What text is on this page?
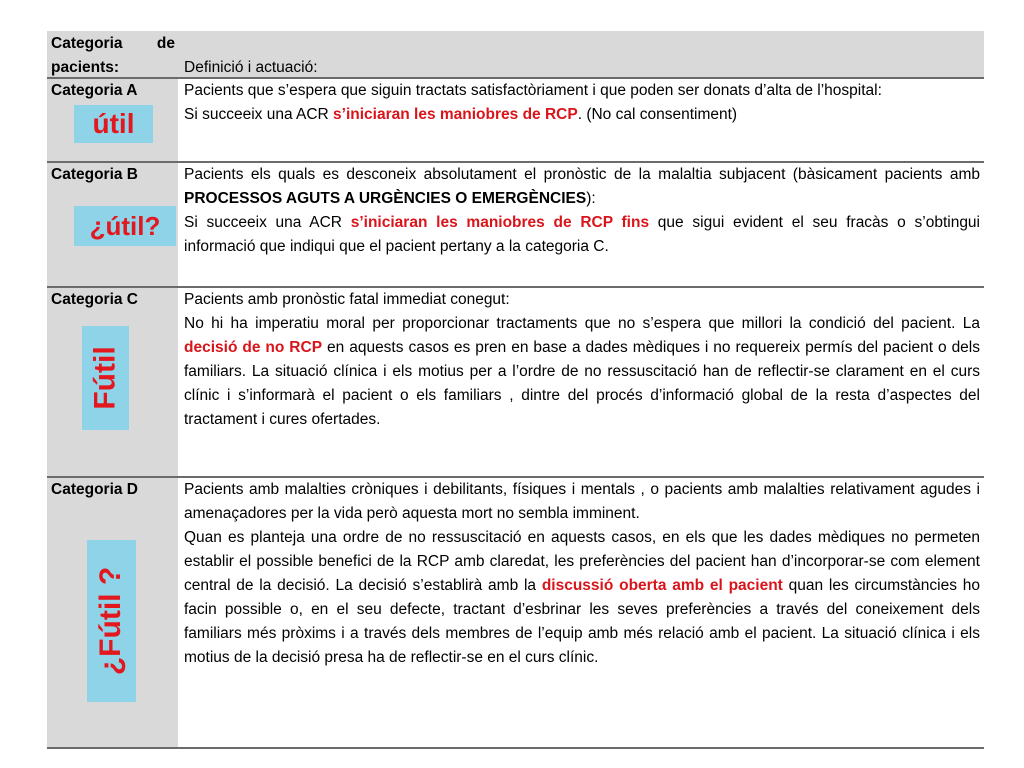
Categoria de pacients:	Definició i actuació:
Categoria A
útil
Pacients que s’espera que siguin tractats satisfactòriament i que poden ser donats d’alta de l’hospital:
Si succeeix una ACR s’iniciaran les maniobres de RCP. (No cal consentiment)
Categoria B
¿útil?
Pacients els quals es desconeix absolutament el pronòstic de la malaltia subjacent (bàsicament pacients amb PROCESSOS AGUTS A URGÈNCIES O EMERGÈNCIES):
Si succeeix una ACR s’iniciaran les maniobres de RCP fins que sigui evident el seu fracàs o s’obtingui informació que indiqui que el pacient pertany a la categoria C.
Categoria C
Fútil
Pacients amb pronòstic fatal immediat conegut:
No hi ha imperatiu moral per proporcionar tractaments que no s’espera que millori la condició del pacient. La decisió de no RCP en aquests casos es pren en base a dades mèdiques i no requereix permís del pacient o dels familiars. La situació clínica i els motius per a l’ordre de no ressuscitació han de reflectir-se clarament en el curs clínic i s’informarà el pacient o els familiars , dintre del procés d’informació global de la resta d’aspectes del tractament i cures ofertades.
Categoria D
¿Fútil ?
Pacients amb malalties cròniques i debilitants, físiques i mentals , o pacients amb malalties relativament agudes i amenaçadores per la vida però aquesta mort no sembla imminent.
Quan es planteja una ordre de no ressuscitació en aquests casos, en els que les dades mèdiques no permeten establir el possible benefici de la RCP amb claredat, les preferències del pacient han d’incorporar-se com element central de la decisió. La decisió s’establirà amb la discussió oberta amb el pacient quan les circumstàncies ho facin possible o, en el seu defecte, tractant d’esbrinar les seves preferències a través del coneixement dels familiars més pròxims i a través dels membres de l’equip amb més relació amb el pacient. La situació clínica i els motius de la decisió presa ha de reflectir-se en el curs clínic.
